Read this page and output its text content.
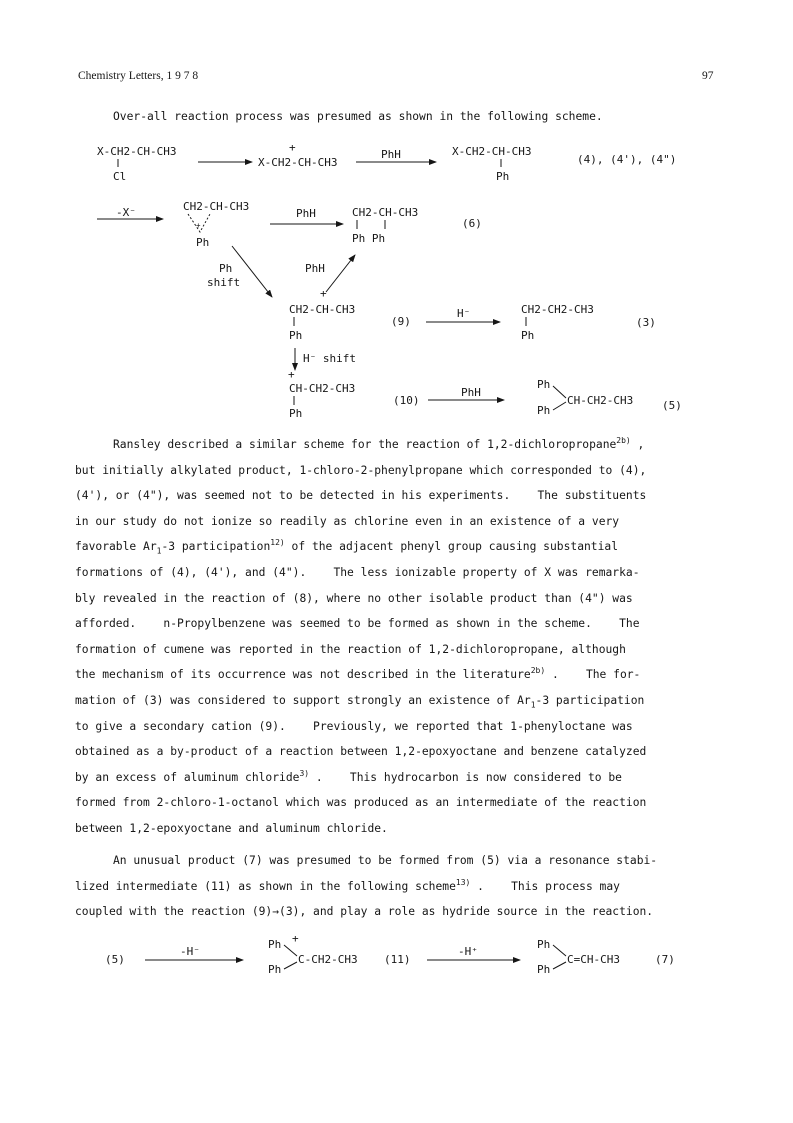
Chemistry Letters, 1 9 7 8	97
Over-all reaction process was presumed as shown in the following scheme.
X-CH2-CH-CH3
Cl
X-CH2-CH-CH3
+
PhH	X-CH2-CH-CH3
Ph
(4), (4'), (4")
-X⁻	CH2-CH-CH3
+
Ph
PhH	CH2-CH-CH3
Ph Ph
(6)
Ph
shift
PhH
+
CH2-CH-CH3
Ph
(9)
H⁻	CH2-CH2-CH3
Ph
(3)
H⁻ shift
+
CH-CH2-CH3
Ph
(10)
PhH
Ph
Ph
CH-CH2-CH3	(5)
(5)
-H⁻
Ph +
Ph
C-CH2-CH3 (11)
-H⁺
Ph
Ph
C=CH-CH3	(7)
Ransley described a similar scheme for the reaction of 1,2-dichloropropane$^{2b)}$ ,
but initially alkylated product, 1-chloro-2-phenylpropane which corresponded to (4),
(4'), or (4"), was seemed not to be detected in his experiments.    The substituents
in our study do not ionize so readily as chlorine even in an existence of a very
favorable $Ar_1-3$ participation$^{12)}$ of the adjacent phenyl group causing substantial
formations of (4), (4'), and (4").    The less ionizable property of X was remarka-
bly revealed in the reaction of (8), where no other isolable product than (4") was
afforded.    n-Propylbenzene was seemed to be formed as shown in the scheme.    The
formation of cumene was reported in the reaction of 1,2-dichloropropane, although
the mechanism of its occurrence was not described in the literature$^{2b)}$ .    The for-
mation of (3) was considered to support strongly an existence of $Ar_1-3$ participation
to give a secondary cation (9).    Previously, we reported that 1-phenyloctane was
obtained as a by-product of a reaction between 1,2-epoxyoctane and benzene catalyzed
by an excess of aluminum chloride$^{3)}$ .    This hydrocarbon is now considered to be
formed from 2-chloro-1-octanol which was produced as an intermediate of the reaction
between 1,2-epoxyoctane and aluminum chloride.
An unusual product (7) was presumed to be formed from (5) via a resonance stabi-
lized intermediate (11) as shown in the following scheme$^{13)}$ .    This process may
coupled with the reaction (9)→(3), and play a role as hydride source in the reaction.
